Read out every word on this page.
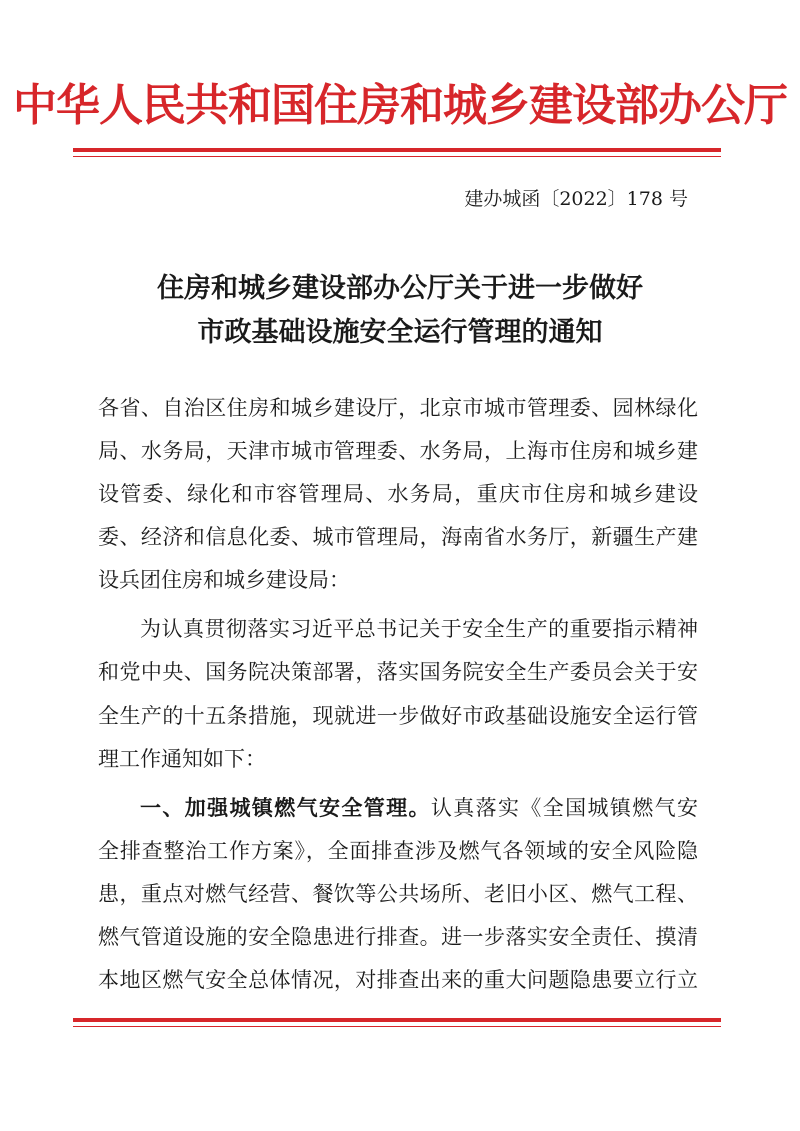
中华人民共和国住房和城乡建设部办公厅
建办城函〔2022〕178 号
住房和城乡建设部办公厅关于进一步做好
市政基础设施安全运行管理的通知
各省、自治区住房和城乡建设厅，北京市城市管理委、园林绿化
局、水务局，天津市城市管理委、水务局，上海市住房和城乡建
设管委、绿化和市容管理局、水务局，重庆市住房和城乡建设
委、经济和信息化委、城市管理局，海南省水务厅，新疆生产建
设兵团住房和城乡建设局：
为认真贯彻落实习近平总书记关于安全生产的重要指示精神
和党中央、国务院决策部署，落实国务院安全生产委员会关于安
全生产的十五条措施，现就进一步做好市政基础设施安全运行管
理工作通知如下：
一、加强城镇燃气安全管理。认真落实《全国城镇燃气安
全排查整治工作方案》，全面排查涉及燃气各领域的安全风险隐
患，重点对燃气经营、餐饮等公共场所、老旧小区、燃气工程、
燃气管道设施的安全隐患进行排查。进一步落实安全责任、摸清
本地区燃气安全总体情况，对排查出来的重大问题隐患要立行立
